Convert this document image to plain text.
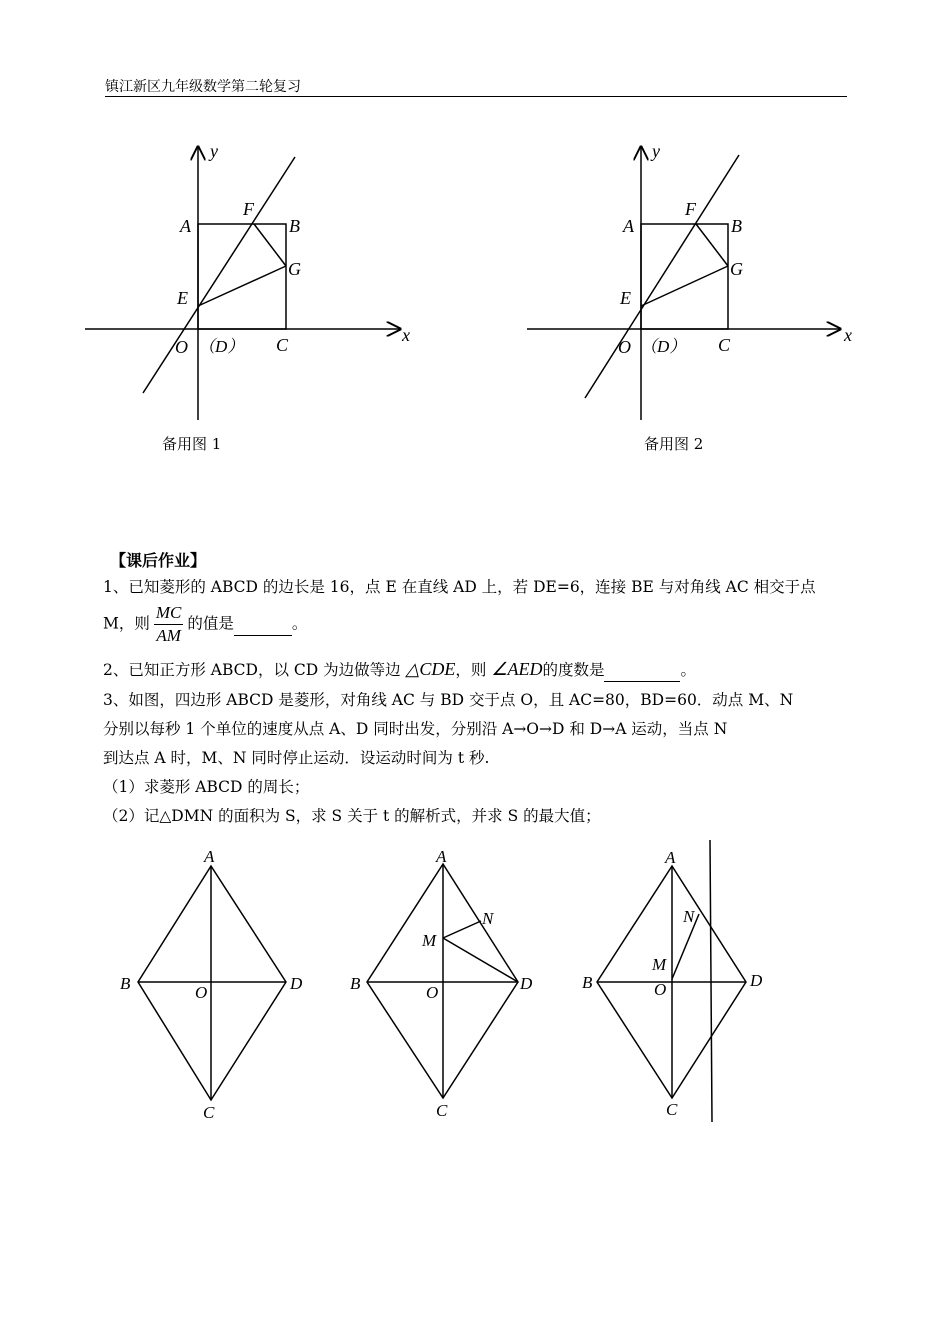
镇江新区九年级数学第二轮复习
y
x
A	B
F
G
E
O （D） C
备用图 1
y
x
A	B
F
G
E
O （D） C
备用图 2
【课后作业】
1、已知菱形的 ABCD 的边长是 16，点 E 在直线 AD 上，若 DE=6，连接 BE 与对角线 AC 相交于点
M，则 $\frac{MC}{AM}$ 的值是	。
2、已知正方形 ABCD，以 CD 为边做等边 △CDE，则 ∠AED的度数是	。
3、如图，四边形 ABCD 是菱形，对角线 AC 与 BD 交于点 O，且 AC=80，BD=60．动点 M、N
分别以每秒 1 个单位的速度从点 A、D 同时出发，分别沿 A→O→D 和 D→A 运动，当点 N
到达点 A 时，M、N 同时停止运动．设运动时间为 t 秒.
（1）求菱形 ABCD 的周长；
（2）记△DMN 的面积为 S，求 S 关于 t 的解析式，并求 S 的最大值；
A
B	D
O
C
A
M
N
B	D
O
C
A
N
M
B	O	D
C
